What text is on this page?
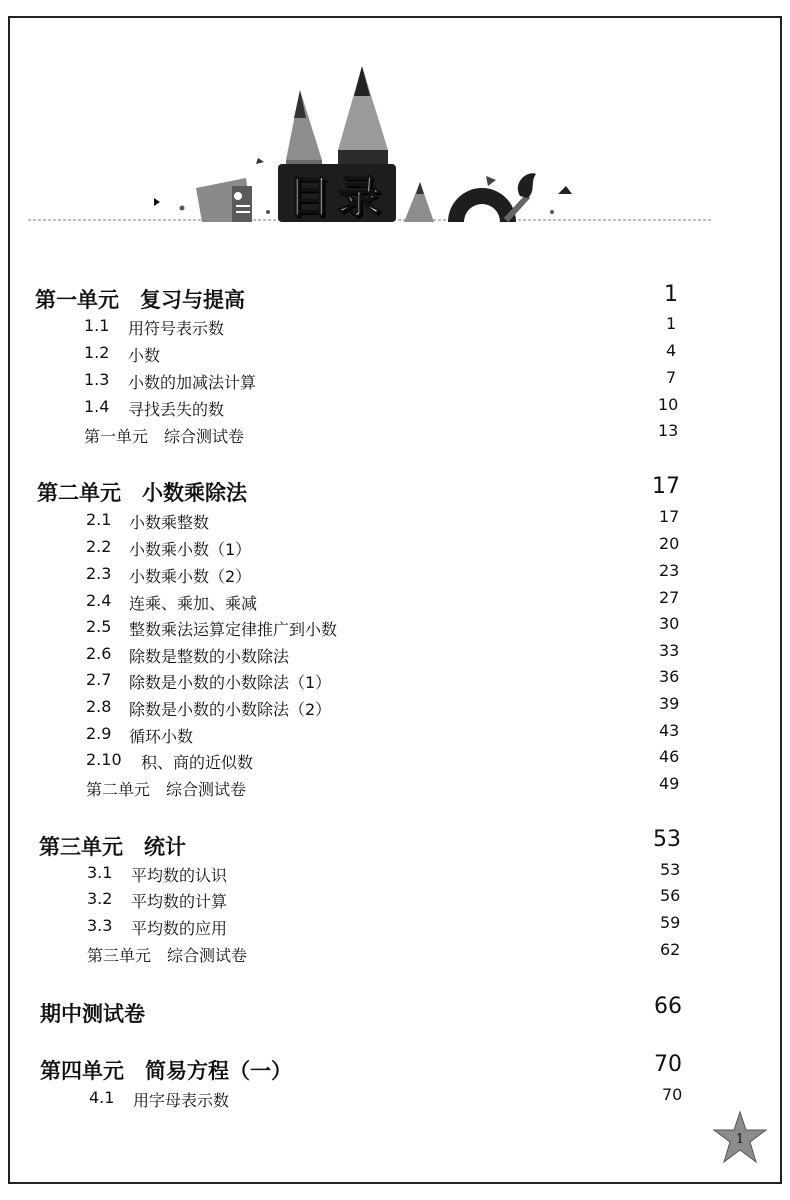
目录
第一单元　复习与提高	1
1.1 用符号表示数	1
1.2 小数	4
1.3 小数的加减法计算	7
1.4 寻找丢失的数	10
第一单元　综合测试卷	13
第二单元　小数乘除法	17
2.1 小数乘整数	17
2.2 小数乘小数（1）	20
2.3 小数乘小数（2）	23
2.4 连乘、乘加、乘减	27
2.5 整数乘法运算定律推广到小数	30
2.6 除数是整数的小数除法	33
2.7 除数是小数的小数除法（1）	36
2.8 除数是小数的小数除法（2）	39
2.9 循环小数	43
2.10 积、商的近似数	46
第二单元　综合测试卷	49
第三单元　统计	53
3.1 平均数的认识	53
3.2 平均数的计算	56
3.3 平均数的应用	59
第三单元　综合测试卷	62
期中测试卷	66
第四单元　简易方程（一）	70
4.1 用字母表示数	70
1
